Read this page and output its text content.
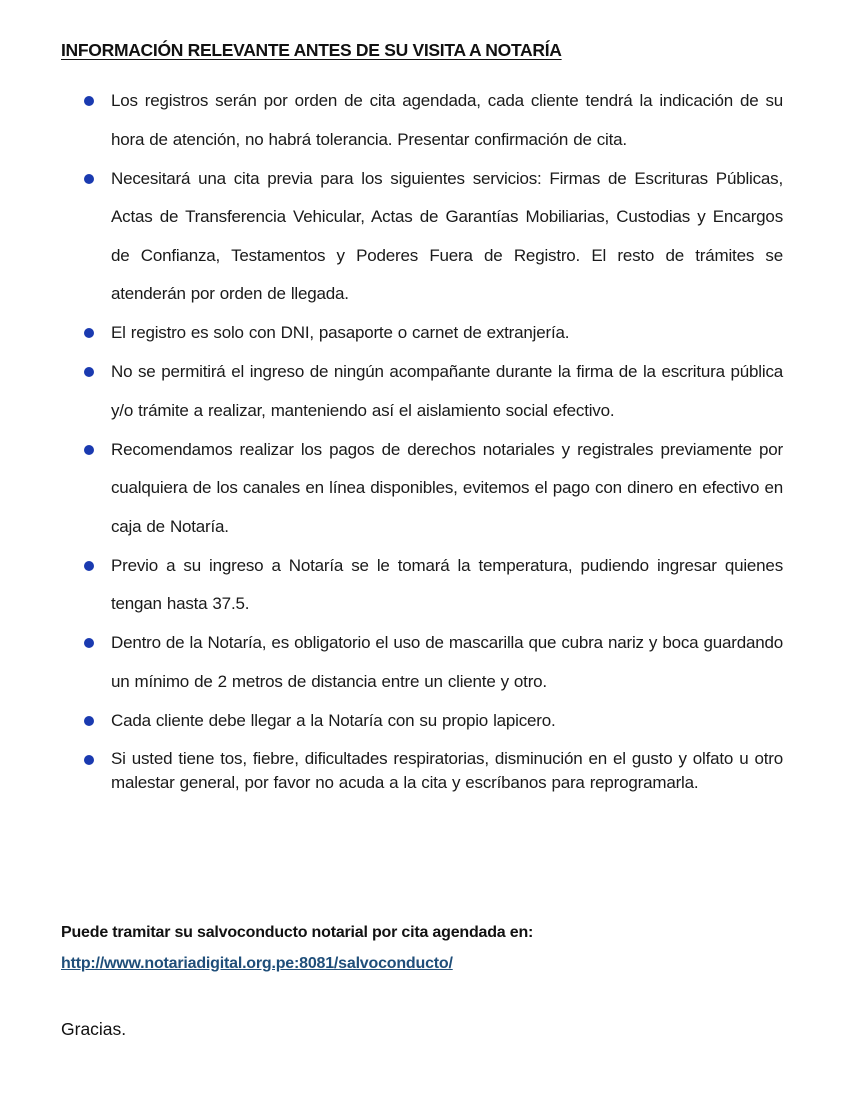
INFORMACIÓN RELEVANTE ANTES DE SU VISITA A NOTARÍA
Los registros serán por orden de cita agendada, cada cliente tendrá la indicación de su hora de atención, no habrá tolerancia. Presentar confirmación de cita.
Necesitará una cita previa para los siguientes servicios: Firmas de Escrituras Públicas, Actas de Transferencia Vehicular, Actas de Garantías Mobiliarias, Custodias y Encargos de Confianza, Testamentos y Poderes Fuera de Registro. El resto de trámites se atenderán por orden de llegada.
El registro es solo con DNI, pasaporte o carnet de extranjería.
No se permitirá el ingreso de ningún acompañante durante la firma de la escritura pública y/o trámite a realizar, manteniendo así el aislamiento social efectivo.
Recomendamos realizar los pagos de derechos notariales y registrales previamente por cualquiera de los canales en línea disponibles, evitemos el pago con dinero en efectivo en caja de Notaría.
Previo a su ingreso a Notaría se le tomará la temperatura, pudiendo ingresar quienes tengan hasta 37.5.
Dentro de la Notaría, es obligatorio el uso de mascarilla que cubra nariz y boca guardando un mínimo de 2 metros de distancia entre un cliente y otro.
Cada cliente debe llegar a la Notaría con su propio lapicero.
Si usted tiene tos, fiebre, dificultades respiratorias, disminución en el gusto y olfato u otro malestar general, por favor no acuda a la cita y escríbanos para reprogramarla.
Puede tramitar su salvoconducto notarial por cita agendada en:
http://www.notariadigital.org.pe:8081/salvoconducto/
Gracias.
